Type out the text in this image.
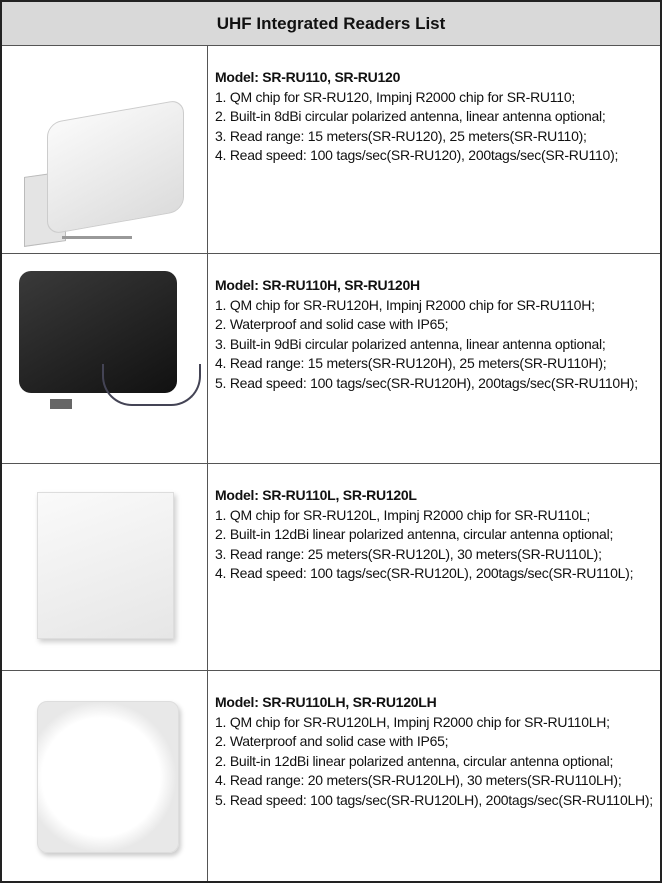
UHF Integrated Readers List
Model: SR-RU110, SR-RU120
1. QM chip for SR-RU120, Impinj R2000 chip for SR-RU110;
2. Built-in 8dBi circular polarized antenna, linear antenna optional;
3. Read range: 15 meters(SR-RU120), 25 meters(SR-RU110);
4. Read speed: 100 tags/sec(SR-RU120), 200tags/sec(SR-RU110);
Model: SR-RU110H, SR-RU120H
1. QM chip for SR-RU120H, Impinj R2000 chip for SR-RU110H;
2. Waterproof and solid case with IP65;
3. Built-in 9dBi circular polarized antenna, linear antenna optional;
4. Read range: 15 meters(SR-RU120H), 25 meters(SR-RU110H);
5. Read speed: 100 tags/sec(SR-RU120H), 200tags/sec(SR-RU110H);
Model: SR-RU110L, SR-RU120L
1. QM chip for SR-RU120L, Impinj R2000 chip for SR-RU110L;
2. Built-in 12dBi linear polarized antenna, circular antenna optional;
3. Read range: 25 meters(SR-RU120L), 30 meters(SR-RU110L);
4. Read speed: 100 tags/sec(SR-RU120L), 200tags/sec(SR-RU110L);
Model: SR-RU110LH, SR-RU120LH
1. QM chip for SR-RU120LH, Impinj R2000 chip for SR-RU110LH;
2. Waterproof and solid case with IP65;
2. Built-in 12dBi linear polarized antenna, circular antenna optional;
4. Read range: 20 meters(SR-RU120LH), 30 meters(SR-RU110LH);
5. Read speed: 100 tags/sec(SR-RU120LH), 200tags/sec(SR-RU110LH);
